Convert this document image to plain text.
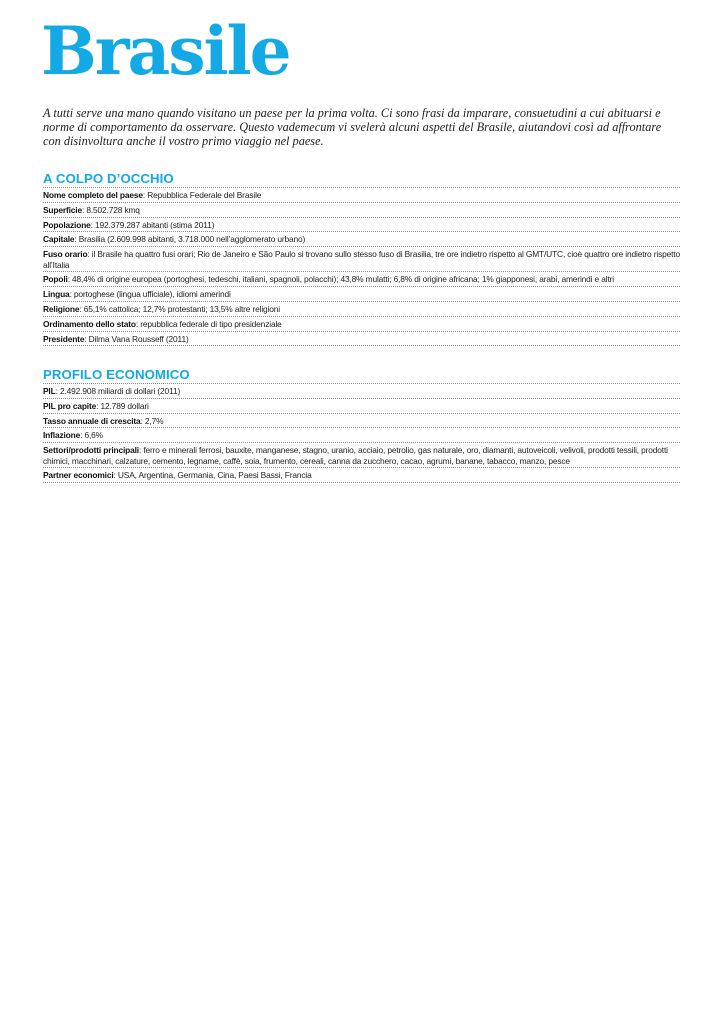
Brasile

A tutti serve una mano quando visitano un paese per la prima volta. Ci sono frasi da imparare, consuetudini a cui abituarsi e norme di comportamento da osservare. Questo vademecum vi svelerà alcuni aspetti del Brasile, aiutandovi così ad affrontare con disinvoltura anche il vostro primo viaggio nel paese.

A COLPO D’OCCHIO
Nome completo del paese: Repubblica Federale del Brasile
Superficie: 8.502.728 kmq
Popolazione: 192.379.287 abitanti (stima 2011)
Capitale: Brasilia (2.609.998 abitanti, 3.718.000 nell’agglomerato urbano)
Fuso orario: il Brasile ha quattro fusi orari; Rio de Janeiro e São Paulo si trovano sullo stesso fuso di Brasilia, tre ore indietro rispetto al GMT/UTC, cioè quattro ore indietro rispetto all’Italia
Popoli: 48,4% di origine europea (portoghesi, tedeschi, italiani, spagnoli, polacchi); 43,8% mulatti; 6,8% di origine africana; 1% giapponesi, arabi, amerindi e altri
Lingua: portoghese (lingua ufficiale), idiomi amerindi
Religione: 65,1% cattolica; 12,7% protestanti; 13,5% altre religioni
Ordinamento dello stato: repubblica federale di tipo presidenziale
Presidente: Dilma Vana Rousseff (2011)
PROFILO ECONOMICO
PIL: 2.492.908 miliardi di dollari (2011)
PIL pro capite: 12.789 dollari
Tasso annuale di crescita: 2,7%
Inflazione: 6,6%
Settori/prodotti principali: ferro e minerali ferrosi, bauxite, manganese, stagno, uranio, acciaio, petrolio, gas naturale, oro, diamanti, autoveicoli, velivoli, prodotti tessili, prodotti chimici, macchinari, calzature, cemento, legname, caffè, soia, frumento, cereali, canna da zucchero, cacao, agrumi, banane, tabacco, manzo, pesce
Partner economici: USA, Argentina, Germania, Cina, Paesi Bassi, Francia
